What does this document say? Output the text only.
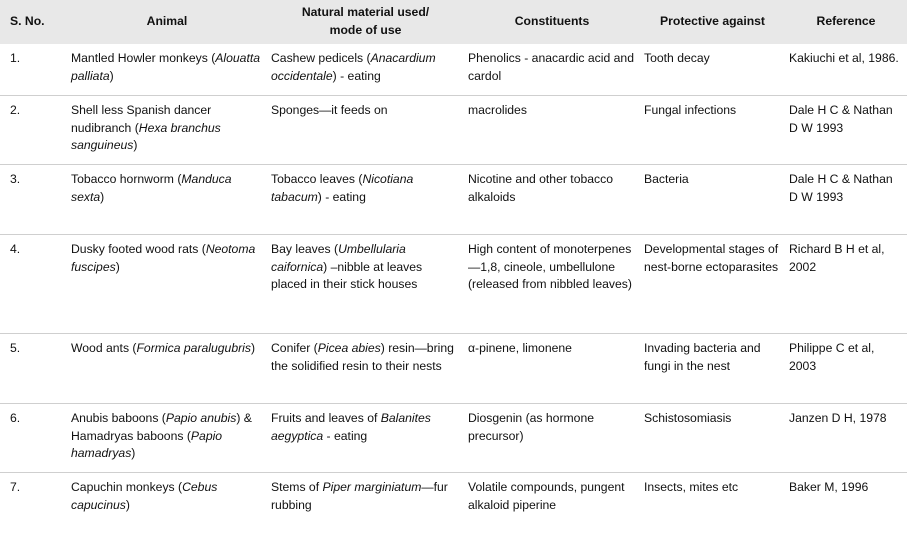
S. No.	Animal	Natural material used/ mode of use	Constituents	Protective against	Reference
1.	Mantled Howler monkeys (Alouatta palliata)	Cashew pedicels (Anacardium occidentale) - eating	Phenolics - anacardic acid and cardol	Tooth decay	Kakiuchi et al, 1986.
2.	Shell less Spanish dancer nudibranch (Hexa branchus sanguineus)	Sponges—it feeds on	macrolides	Fungal infections	Dale H C & Nathan D W 1993
3.	Tobacco hornworm (Manduca sexta)	Tobacco leaves (Nicotiana tabacum) - eating	Nicotine and other tobacco alkaloids	Bacteria	Dale H C & Nathan D W 1993
4.	Dusky footed wood rats (Neotoma fuscipes)	Bay leaves (Umbellularia caifornica) –nibble at leaves placed in their stick houses	High content of monoterpenes—1,8, cineole, umbellulone (released from nibbled leaves)	Developmental stages of nest-borne ectoparasites	Richard B H et al, 2002
5.	Wood ants (Formica paralugubris)	Conifer (Picea abies) resin—bring the solidified resin to their nests	α-pinene, limonene	Invading bacteria and fungi in the nest	Philippe C et al, 2003
6.	Anubis baboons (Papio anubis) & Hamadryas baboons (Papio hamadryas)	Fruits and leaves of Balanites aegyptica - eating	Diosgenin (as hormone precursor)	Schistosomiasis	Janzen D H, 1978
7.	Capuchin monkeys (Cebus capucinus)	Stems of Piper marginiatum—fur rubbing	Volatile compounds, pungent alkaloid piperine	Insects, mites etc	Baker M, 1996
